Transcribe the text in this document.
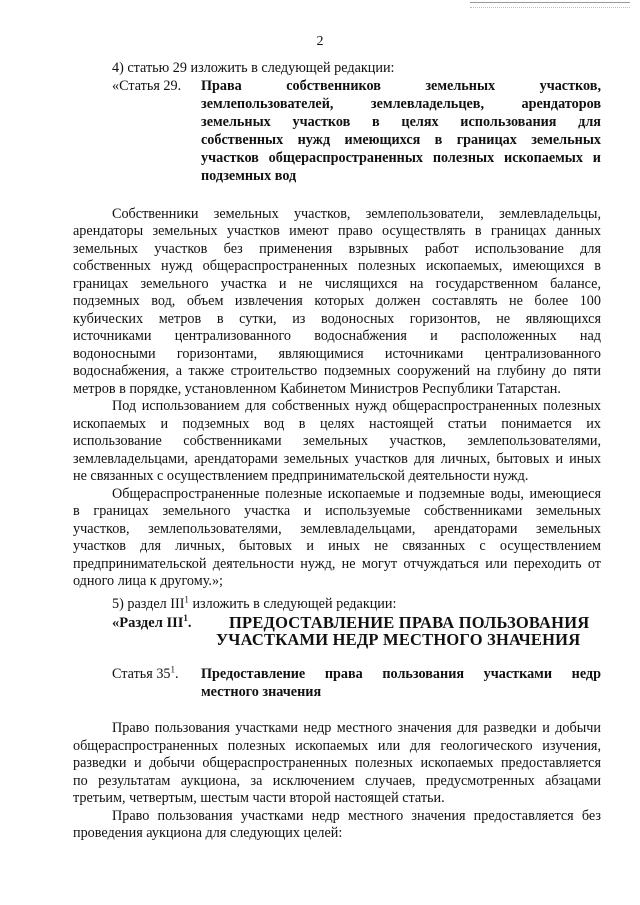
2
4) статью 29 изложить в следующей редакции:
«Статья 29. Права собственников земельных участков,
землепользователей, землевладельцев, арендаторов
земельных участков в целях использования для
собственных нужд имеющихся в границах земельных
участков общераспространенных полезных ископаемых и
подземных вод
Собственники земельных участков, землепользователи, землевладельцы,
арендаторы земельных участков имеют право осуществлять в границах данных
земельных участков без применения взрывных работ использование для
собственных нужд общераспространенных полезных ископаемых, имеющихся в
границах земельного участка и не числящихся на государственном балансе,
подземных вод, объем извлечения которых должен составлять не более 100
кубических метров в сутки, из водоносных горизонтов, не являющихся
источниками централизованного водоснабжения и расположенных над
водоносными горизонтами, являющимися источниками централизованного
водоснабжения, а также строительство подземных сооружений на глубину до пяти
метров в порядке, установленном Кабинетом Министров Республики Татарстан.
Под использованием для собственных нужд общераспространенных полезных
ископаемых и подземных вод в целях настоящей статьи понимается их
использование собственниками земельных участков, землепользователями,
землевладельцами, арендаторами земельных участков для личных, бытовых и иных
не связанных с осуществлением предпринимательской деятельности нужд.
Общераспространенные полезные ископаемые и подземные воды, имеющиеся
в границах земельного участка и используемые собственниками земельных
участков, землепользователями, землевладельцами, арендаторами земельных
участков для личных, бытовых и иных не связанных с осуществлением
предпринимательской деятельности нужд, не могут отчуждаться или переходить от
одного лица к другому.»;
5) раздел III$^1$ изложить в следующей редакции:
«Раздел III$^1$. ПРЕДОСТАВЛЕНИЕ ПРАВА ПОЛЬЗОВАНИЯ
УЧАСТКАМИ НЕДР МЕСТНОГО ЗНАЧЕНИЯ
Статья $35^1$. Предоставление права пользования участками недр
местного значения
Право пользования участками недр местного значения для разведки и добычи
общераспространенных полезных ископаемых или для геологического изучения,
разведки и добычи общераспространенных полезных ископаемых предоставляется
по результатам аукциона, за исключением случаев, предусмотренных абзацами
третьим, четвертым, шестым части второй настоящей статьи.
Право пользования участками недр местного значения предоставляется без
проведения аукциона для следующих целей:
